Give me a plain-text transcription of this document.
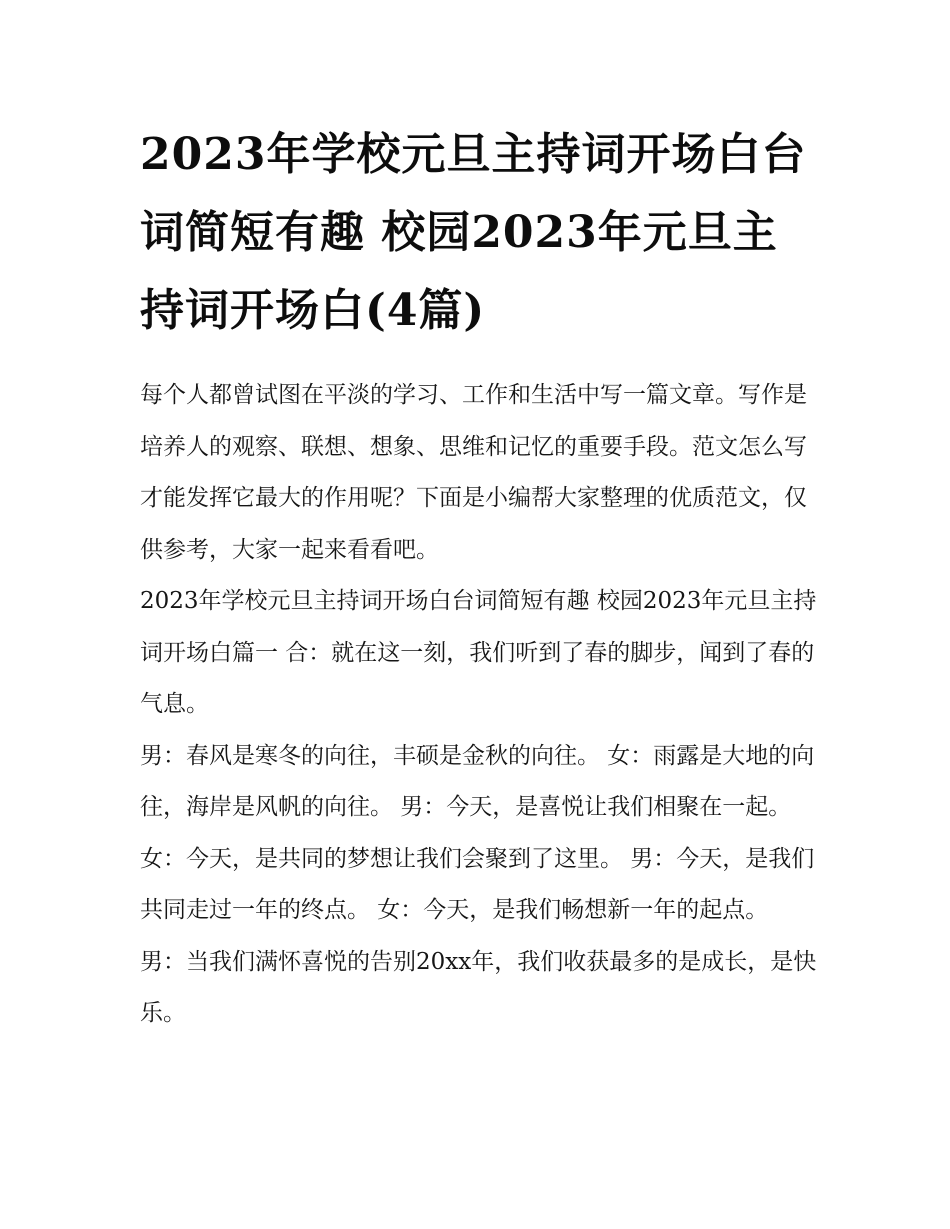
2023年学校元旦主持词开场白台词简短有趣 校园2023年元旦主持词开场白(4篇)

每个人都曾试图在平淡的学习、工作和生活中写一篇文章。写作是培养人的观察、联想、想象、思维和记忆的重要手段。范文怎么写才能发挥它最大的作用呢？下面是小编帮大家整理的优质范文，仅供参考，大家一起来看看吧。

2023年学校元旦主持词开场白台词简短有趣 校园2023年元旦主持词开场白篇一 合：就在这一刻，我们听到了春的脚步，闻到了春的气息。

男：春风是寒冬的向往，丰硕是金秋的向往。 女：雨露是大地的向往，海岸是风帆的向往。 男：今天，是喜悦让我们相聚在一起。

女：今天，是共同的梦想让我们会聚到了这里。 男：今天，是我们共同走过一年的终点。 女：今天，是我们畅想新一年的起点。

男：当我们满怀喜悦的告别20xx年，我们收获最多的是成长，是快乐。
